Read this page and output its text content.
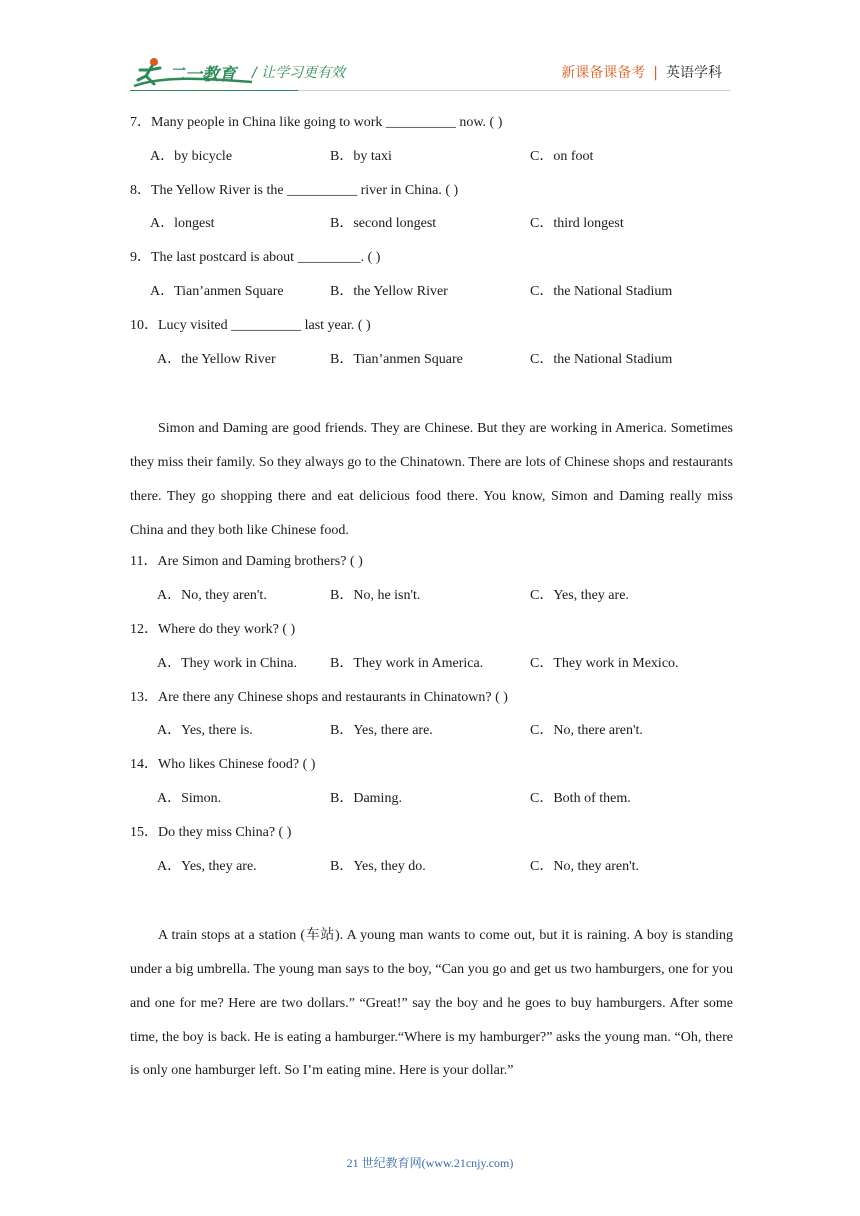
二一教育 / 让学习更有效	新课备课备考 | 英语学科
7．Many people in China like going to work __________ now. ( )
A．by bicycle	B．by taxi	C．on foot
8．The Yellow River is the __________ river in China. ( )
A．longest	B．second longest	C．third longest
9．The last postcard is about _________. ( )
A．Tian’anmen Square	B．the Yellow River	C．the National Stadium
10．Lucy visited __________ last year. ( )
A．the Yellow River	B．Tian’anmen Square	C．the National Stadium

Simon and Daming are good friends. They are Chinese. But they are working in America. Sometimes they miss their family. So they always go to the Chinatown. There are lots of Chinese shops and restaurants there. They go shopping there and eat delicious food there. You know, Simon and Daming really miss China and they both like Chinese food.

11．Are Simon and Daming brothers? ( )
A．No, they aren't.	B．No, he isn't.	C．Yes, they are.
12．Where do they work? ( )
A．They work in China. B．They work in America.	C．They work in Mexico.
13．Are there any Chinese shops and restaurants in Chinatown? ( )
A．Yes, there is.	B．Yes, there are.	C．No, there aren't.
14．Who likes Chinese food? ( )
A．Simon.	B．Daming.	C．Both of them.
15．Do they miss China? ( )
A．Yes, they are.	B．Yes, they do.	C．No, they aren't.

A train stops at a station (车站). A young man wants to come out, but it is raining. A boy is standing under a big umbrella. The young man says to the boy, “Can you go and get us two hamburgers, one for you and one for me? Here are two dollars.” “Great!” say the boy and he goes to buy hamburgers. After some time, the boy is back. He is eating a hamburger.“Where is my hamburger?” asks the young man. “Oh, there is only one hamburger left. So I’m eating mine. Here is your dollar.”

21 世纪教育网(www.21cnjy.com)
